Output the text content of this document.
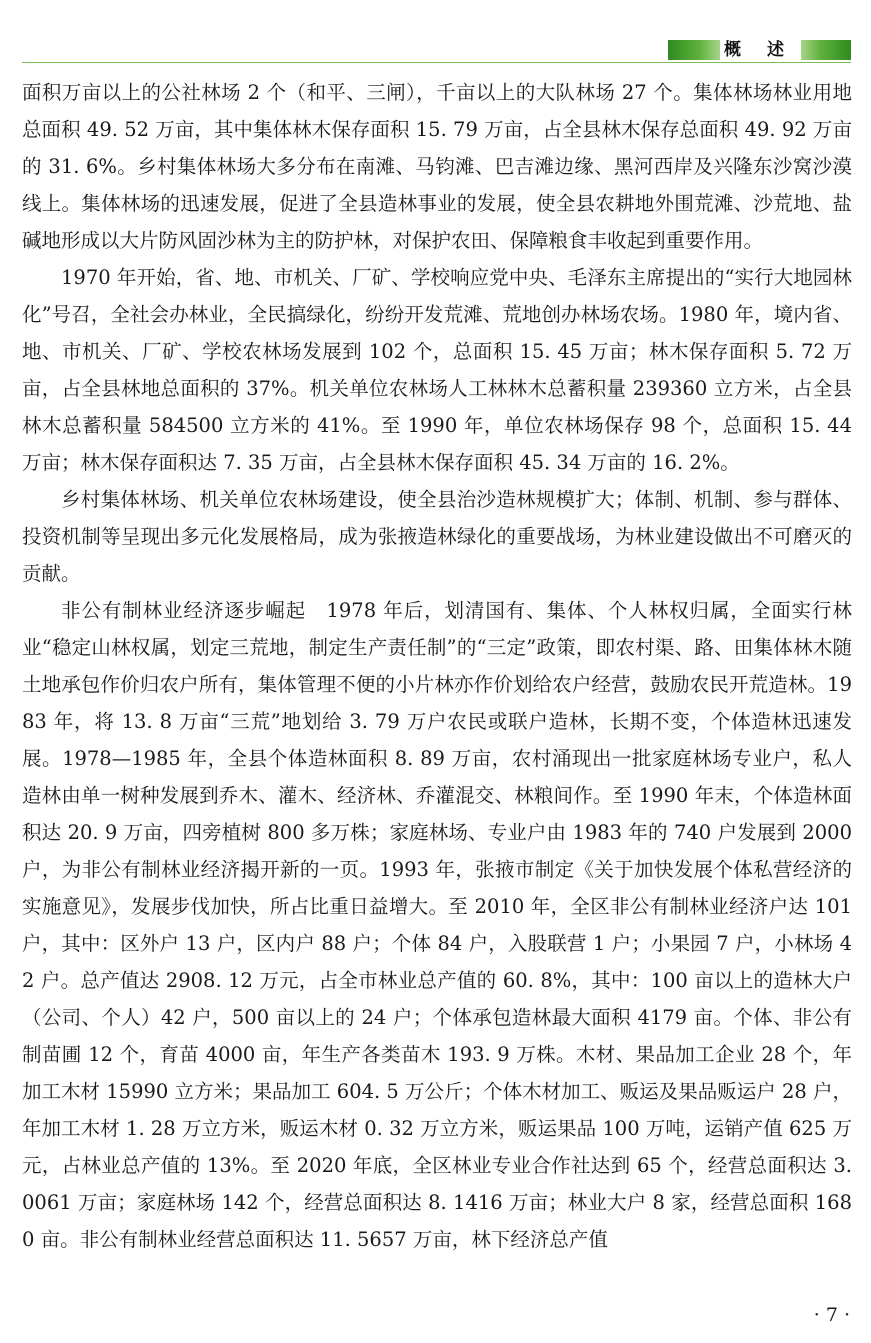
概 述

面积万亩以上的公社林场 2 个（和平、三闸），千亩以上的大队林场 27 个。集体林场林业用地总面积 49. 52 万亩，其中集体林木保存面积 15. 79 万亩，占全县林木保存总面积 49. 92 万亩的 31. 6%。乡村集体林场大多分布在南滩、马钧滩、巴吉滩边缘、黑河西岸及兴隆东沙窝沙漠线上。集体林场的迅速发展，促进了全县造林事业的发展，使全县农耕地外围荒滩、沙荒地、盐碱地形成以大片防风固沙林为主的防护林，对保护农田、保障粮食丰收起到重要作用。

1970 年开始，省、地、市机关、厂矿、学校响应党中央、毛泽东主席提出的“实行大地园林化”号召，全社会办林业，全民搞绿化，纷纷开发荒滩、荒地创办林场农场。1980 年，境内省、地、市机关、厂矿、学校农林场发展到 102 个，总面积 15. 45 万亩；林木保存面积 5. 72 万亩，占全县林地总面积的 37%。机关单位农林场人工林林木总蓄积量 239360 立方米，占全县林木总蓄积量 584500 立方米的 41%。至 1990 年，单位农林场保存 98 个，总面积 15. 44 万亩；林木保存面积达 7. 35 万亩，占全县林木保存面积 45. 34 万亩的 16. 2%。

乡村集体林场、机关单位农林场建设，使全县治沙造林规模扩大；体制、机制、参与群体、投资机制等呈现出多元化发展格局，成为张掖造林绿化的重要战场，为林业建设做出不可磨灭的贡献。

非公有制林业经济逐步崛起　 1978 年后，划清国有、集体、个人林权归属，全面实行林业“稳定山林权属，划定三荒地，制定生产责任制”的“三定”政策，即农村渠、路、田集体林木随土地承包作价归农户所有，集体管理不便的小片林亦作价划给农户经营，鼓励农民开荒造林。1983 年，将 13. 8 万亩“三荒”地划给 3. 79 万户农民或联户造林，长期不变，个体造林迅速发展。1978—1985 年，全县个体造林面积 8. 89 万亩，农村涌现出一批家庭林场专业户，私人造林由单一树种发展到乔木、灌木、经济林、乔灌混交、林粮间作。至 1990 年末，个体造林面积达 20. 9 万亩，四旁植树 800 多万株；家庭林场、专业户由 1983 年的 740 户发展到 2000 户，为非公有制林业经济揭开新的一页。1993 年，张掖市制定《关于加快发展个体私营经济的实施意见》，发展步伐加快，所占比重日益增大。至 2010 年，全区非公有制林业经济户达 101 户，其中：区外户 13 户，区内户 88 户；个体 84 户，入股联营 1 户；小果园 7 户，小林场 42 户。总产值达 2908. 12 万元，占全市林业总产值的 60. 8%，其中：100 亩以上的造林大户（公司、个人）42 户，500 亩以上的 24 户；个体承包造林最大面积 4179 亩。个体、非公有制苗圃 12 个，育苗 4000 亩，年生产各类苗木 193. 9 万株。木材、果品加工企业 28 个，年加工木材 15990 立方米；果品加工 604. 5 万公斤；个体木材加工、贩运及果品贩运户 28 户，年加工木材 1. 28 万立方米，贩运木材 0. 32 万立方米，贩运果品 100 万吨，运销产值 625 万元，占林业总产值的 13%。至 2020 年底，全区林业专业合作社达到 65 个，经营总面积达 3. 0061 万亩；家庭林场 142 个，经营总面积达 8. 1416 万亩；林业大户 8 家，经营总面积 1680 亩。非公有制林业经营总面积达 11. 5657 万亩，林下经济总产值

· 7 ·
